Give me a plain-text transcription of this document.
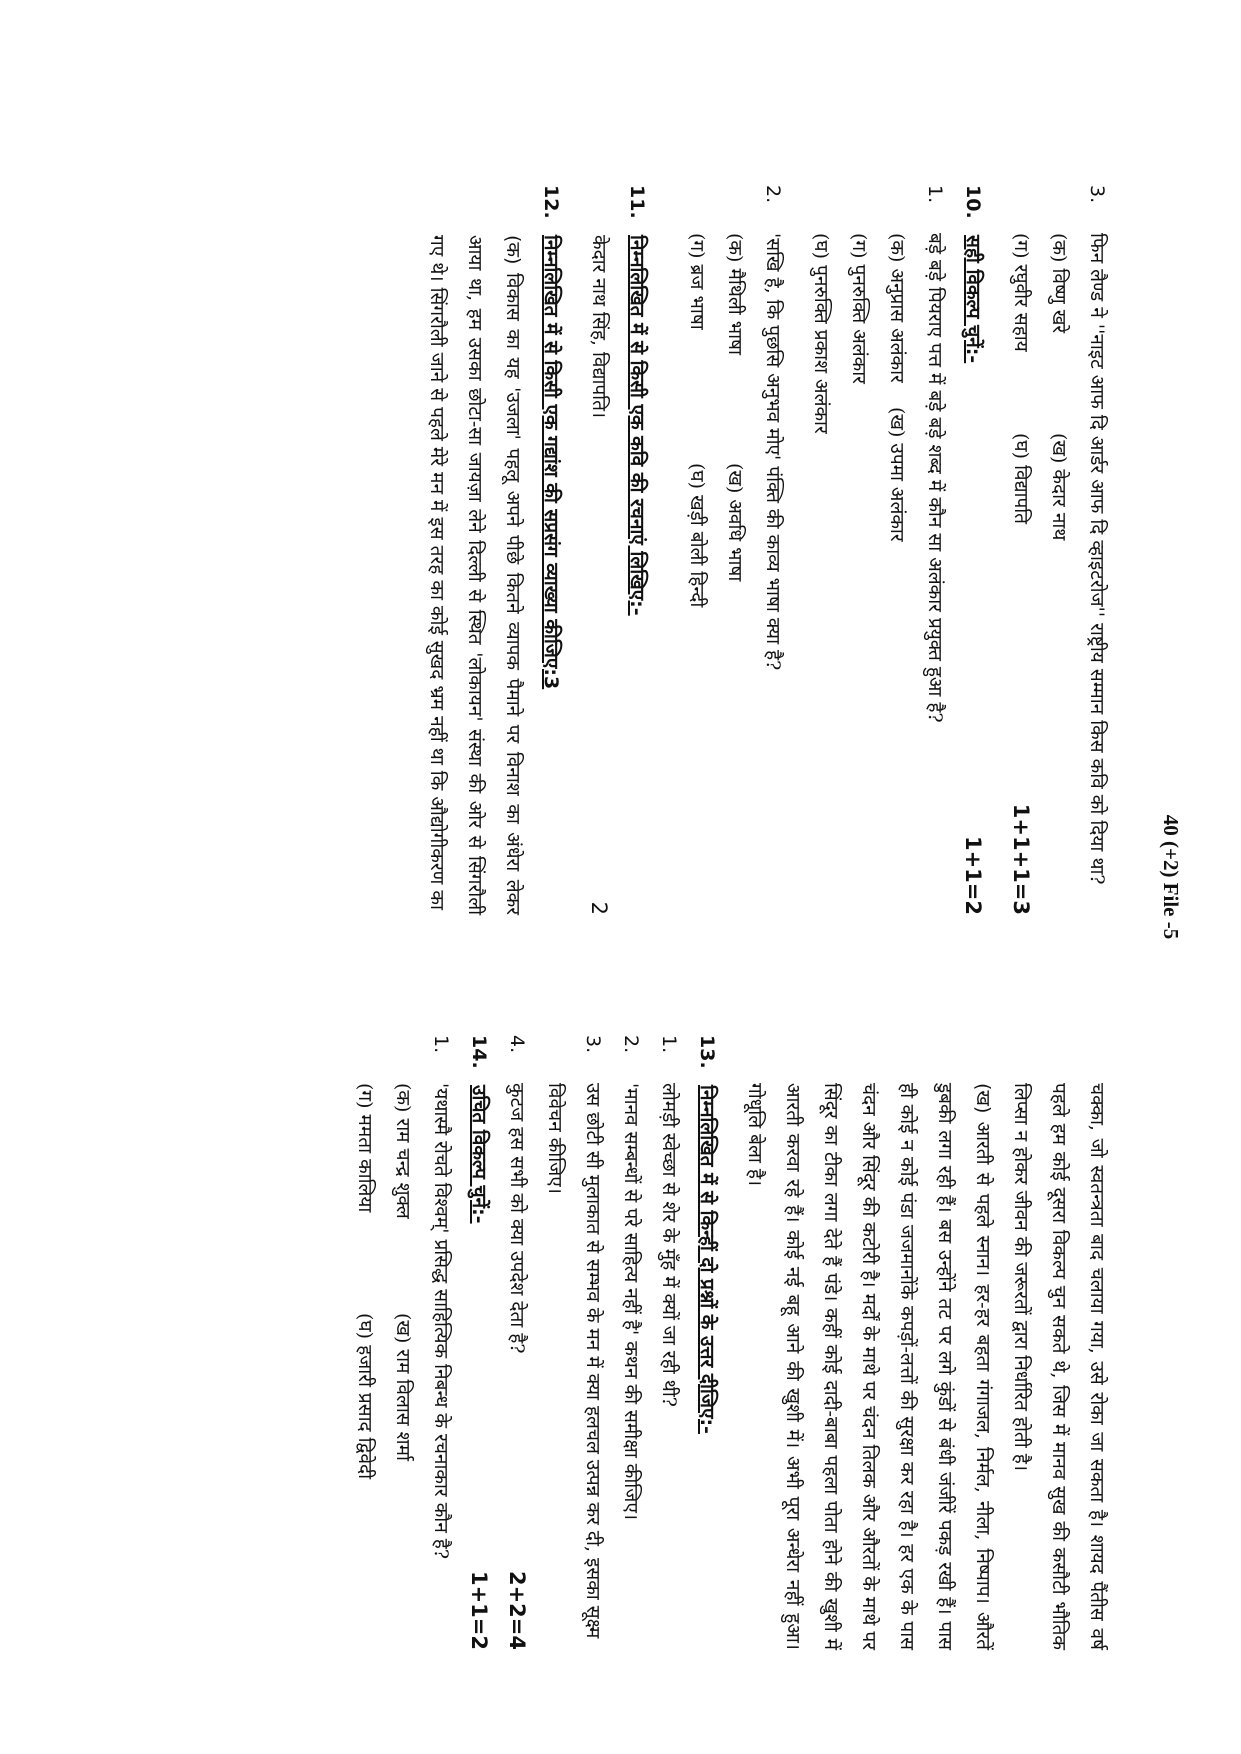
40 (+2) File -5
3.
फिन लैण्ड ने ''नाइट आफ दि आर्डर आफ दि व्हाइटरोज'' राष्ट्रीय सम्मान किस कवि को दिया था?
(क) विष्णु खरे
(ख) केदार नाथ
(ग) रघुवीर सहाय
(घ) विद्यापति
1+1+1=3
10.
सही विकल्प चुनें:-
1+1=2
1.
बड़े बड़े पियराए पत्त में बड़े बड़े शब्द में कौन सा अलंकार प्रयुक्त हुआ है?
(क) अनुप्रास अलंकार    (ख) उपमा अलंकार
(ग) पुनरुक्ति अलंकार
(घ) पुनरुक्ति प्रकाश अलंकार
2.
'सखि है, कि पुछसि अनुभव मोए' पंक्ति की काव्य भाषा क्या है?
(क) मैथिली भाषा
(ख) अवधि भाषा
(ग) ब्रज भाषा
(घ) खड़ी बोली हिन्दी
11.
निम्नलिखित में से किसी एक कवि की रचनाएं लिखिए:-
केदार नाथ सिंह, विद्यापति।
2
12.
निम्नलिखित में से किसी एक गद्यांश की सप्रसंग व्याख्या कीजिए:3
(क) विकास का यह 'उजला' पहलू अपने पीछे कितने व्यापक पैमाने पर विनाश का अंधेरा लेकर आया था, हम उसका छोटा-सा जायज़ा लेने दिल्ली से स्थित 'लोकायन' संस्था की ओर से सिंगरौली गए थे। सिंगरौली जाने से पहले मेरे मन में इस तरह का कोई सुखद भ्रम नहीं था कि औद्योगीकरण का
चक्का, जो स्वतन्त्रता बाद चलाया गया, उसे रोका जा सकता है। शायद पैंतीस वर्ष पहले हम कोई दूसरा विकल्प चुन सकते थे, जिस में मानव सुख की कसौटी भौतिक लिप्सा न होकर जीवन की जरूरतों द्वारा निर्धारित होती है।
(ख) आरती से पहले स्नान। हर-हर बहता गंगाजल, निर्मल, नीला, निष्पाप। औरतें डुबकी लगा रही हैं। बस उन्होंने तट पर लगे कुंडों से बंधी जंजीरें पकड़ रखी हैं। पास ही कोई न कोई पंडा जजमानोंके कपड़ों-लत्तों की सुरक्षा कर रहा है। हर एक के पास चंदन और सिंदूर की कटोरी है। मर्दों के माथे पर चंदन तिलक और औरतों के माथे पर सिंदूर का टीका लगा देते हैं पंडे। कहीं कोई दादी-बाबा पहला पोता होने की खुशी में आरती करवा रहे हैं। कोई नई बहू आने की खुशी में। अभी पूरा अन्धेरा नहीं हुआ। गोधूलि बेला है।
13.
निम्नलिखित में से किन्हीं दो प्रश्नों के उत्तर दीजिए:-
1.
लोमड़ी स्वेच्छा से शेर के मुँह में क्यों जा रही थी?
2.
'मानव सम्बन्धों से परे साहित्य नहीं है' कथन की समीक्षा कीजिए।
3.
उस छोटी सी मुलाकात से सम्भव के मन में क्या हलचल उत्पन्न कर दी, इसका सूक्ष्म विवेचन कीजिए।
4.
कुटज हस सभी को क्या उपदेश देता है?
2+2=4
14.
उचित विकल्प चुनें:-
1+1=2
1.
'यथास्मै रोचते विश्वम्' प्रसिद्ध साहित्यिक निबन्ध के रचनाकार कौन है?
(क) राम चन्द्र शुक्ल
(ख) राम विलास शर्मा
(ग) ममता कालिया
(घ) हजारी प्रसाद द्विवेदी
